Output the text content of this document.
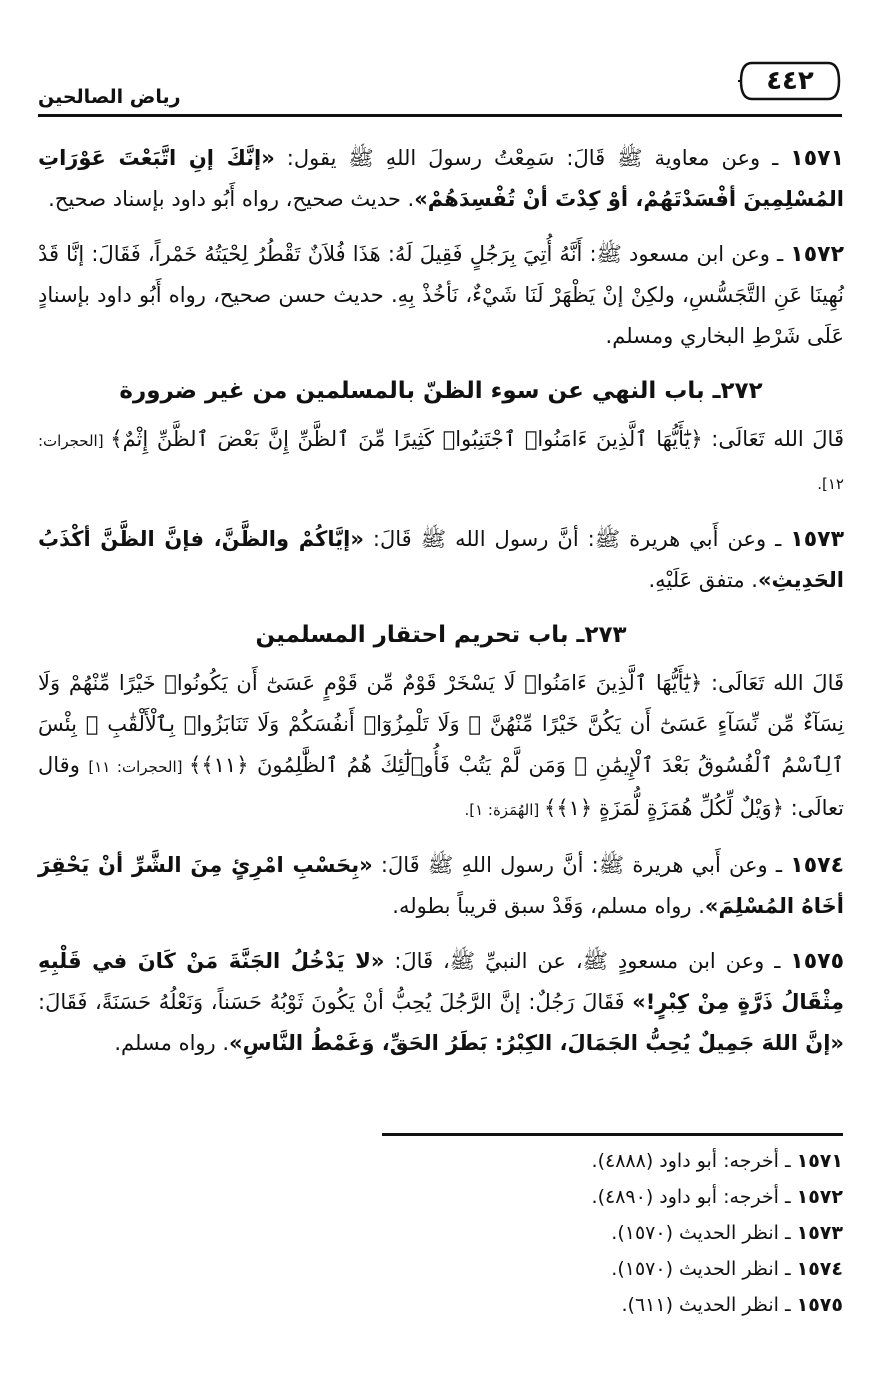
رياض الصالحين
٤٤٢

١٥٧١ ـ وعن معاوية ﷺ قَالَ: سَمِعْتُ رسولَ اللهِ ﷺ يقول: «إنَّكَ إنِ اتَّبَعْتَ عَوْرَاتِ المُسْلِمِينَ أفْسَدْتَهُمْ، أوْ كِدْتَ أنْ تُفْسِدَهُمْ». حديث صحيح، رواه أَبُو داود بإسناد صحيح.

١٥٧٢ ـ وعن ابن مسعود ﷺ: أَنَّهُ أُتِيَ بِرَجُلٍ فَقِيلَ لَهُ: هَذَا فُلاَنٌ تَقْطُرُ لِحْيَتُهُ خَمْراً، فَقَالَ: إنَّا قَدْ نُهِينَا عَنِ التَّجَسُّسِ، ولكِنْ إنْ يَظْهَرْ لَنَا شَيْءٌ، نَأخُذْ بِهِ. حديث حسن صحيح، رواه أَبُو داود بإسنادٍ عَلَى شَرْطِ البخاري ومسلم.

٢٧٢ـ باب النهي عن سوء الظنّ بالمسلمين من غير ضرورة

قَالَ الله تَعَالَى: ﴿يَٰٓأَيُّهَا ٱلَّذِينَ ءَامَنُوا۟ ٱجْتَنِبُوا۟ كَثِيرًا مِّنَ ٱلظَّنِّ إِنَّ بَعْضَ ٱلظَّنِّ إِثْمٌ﴾ [الحجرات: ١٢].

١٥٧٣ ـ وعن أَبي هريرة ﷺ: أنَّ رسول الله ﷺ قَالَ: «إيَّاكُمْ والظَّنَّ، فإنَّ الظَّنَّ أكْذَبُ الحَدِيثِ». متفق عَلَيْهِ.

٢٧٣ـ باب تحريم احتقار المسلمين

قَالَ الله تَعَالَى: ﴿يَٰٓأَيُّهَا ٱلَّذِينَ ءَامَنُوا۟ لَا يَسْخَرْ قَوْمٌ مِّن قَوْمٍ عَسَىٰٓ أَن يَكُونُوا۟ خَيْرًا مِّنْهُمْ وَلَا نِسَآءٌ مِّن نِّسَآءٍ عَسَىٰٓ أَن يَكُنَّ خَيْرًا مِّنْهُنَّ ۖ وَلَا تَلْمِزُوٓا۟ أَنفُسَكُمْ وَلَا تَنَابَزُوا۟ بِٱلْأَلْقَٰبِ ۖ بِئْسَ ٱلِٱسْمُ ٱلْفُسُوقُ بَعْدَ ٱلْإِيمَٰنِ ۚ وَمَن لَّمْ يَتُبْ فَأُو۟لَٰٓئِكَ هُمُ ٱلظَّٰلِمُونَ ﴿١١﴾﴾ [الحجرات: ١١] وقال تعالَى: ﴿وَيْلٌ لِّكُلِّ هُمَزَةٍ لُّمَزَةٍ ﴿١﴾﴾ [الهُمَزة: ١].

١٥٧٤ ـ وعن أَبي هريرة ﷺ: أنَّ رسول اللهِ ﷺ قَالَ: «بِحَسْبِ امْرِئٍ مِنَ الشَّرِّ أنْ يَحْقِرَ أخَاهُ المُسْلِمَ». رواه مسلم، وَقَدْ سبق قريباً بطوله.

١٥٧٥ ـ وعن ابن مسعودٍ ﷺ، عن النبيِّ ﷺ، قَالَ: «لا يَدْخُلُ الجَنَّةَ مَنْ كَانَ في قَلْبِهِ مِثْقَالُ ذَرَّةٍ مِنْ كِبْرٍ!» فَقَالَ رَجُلٌ: إنَّ الرَّجُلَ يُحِبُّ أنْ يَكُونَ ثَوْبُهُ حَسَناً، وَنَعْلُهُ حَسَنَةً، فَقَالَ: «إنَّ اللهَ جَمِيلٌ يُحِبُّ الجَمَالَ، الكِبْرُ: بَطَرُ الحَقِّ، وَغَمْطُ النَّاسِ». رواه مسلم.

١٥٧١ ـ أخرجه: أبو داود (٤٨٨٨).
١٥٧٢ ـ أخرجه: أبو داود (٤٨٩٠).
١٥٧٣ ـ انظر الحديث (١٥٧٠).
١٥٧٤ ـ انظر الحديث (١٥٧٠).
١٥٧٥ ـ انظر الحديث (٦١١).
